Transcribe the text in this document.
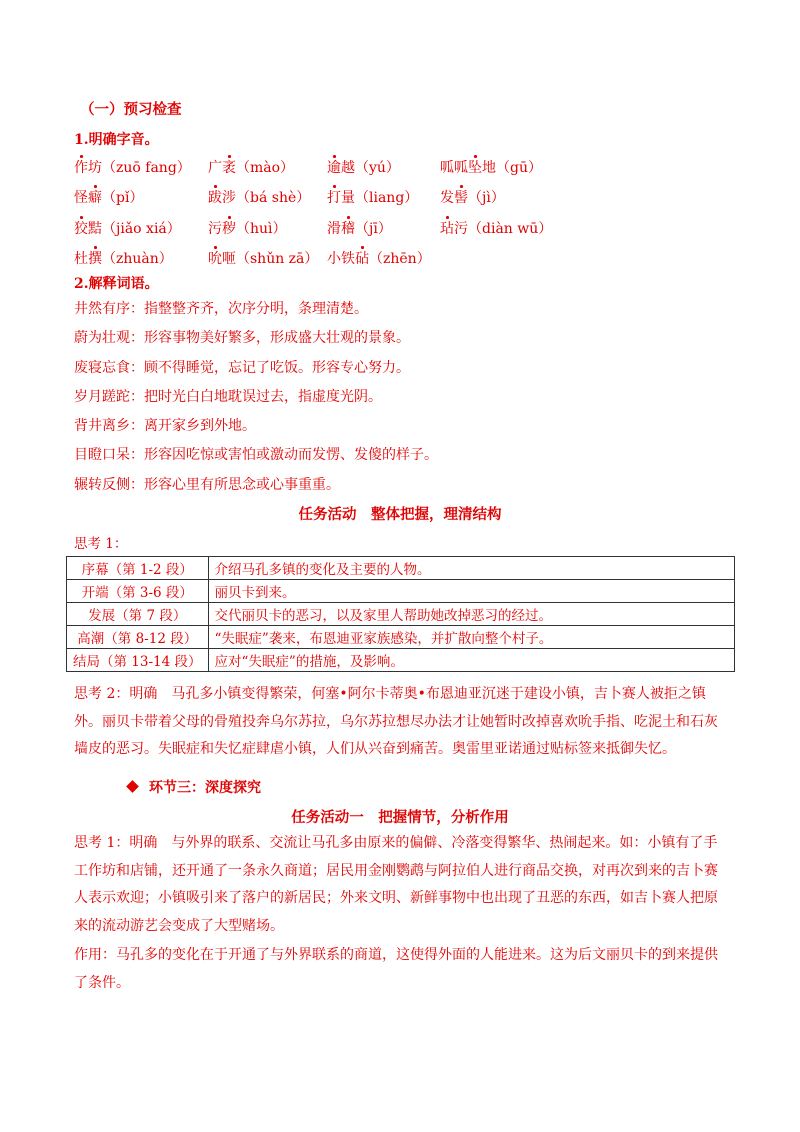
（一）预习检查
1.明确字音。
作坊（zuō fang） 广袤（mào） 逾越（yú）	呱呱坠地（gū）
怪癖（pǐ）	跋涉（bá shè） 打量（liang） 发髻（jì）
狡黠（jiǎo xiá） 污秽（huì）	滑稽（jī）	玷污（diàn wū）
杜撰（zhuàn）	吮咂（shǔn zā） 小铁砧（zhēn）
2.解释词语。
井然有序：指整整齐齐，次序分明，条理清楚。
蔚为壮观：形容事物美好繁多，形成盛大壮观的景象。
废寝忘食：顾不得睡觉，忘记了吃饭。形容专心努力。
岁月蹉跎：把时光白白地耽误过去，指虚度光阴。
背井离乡：离开家乡到外地。
目瞪口呆：形容因吃惊或害怕或激动而发愣、发傻的样子。
辗转反侧：形容心里有所思念或心事重重。
任务活动　整体把握，理清结构
思考 1：
序幕（第 1-2 段）	介绍马孔多镇的变化及主要的人物。
开端（第 3-6 段）	丽贝卡到来。
发展（第 7 段）	交代丽贝卡的恶习，以及家里人帮助她改掉恶习的经过。
高潮（第 8-12 段）	“失眠症”袭来，布恩迪亚家族感染，并扩散向整个村子。
结局（第 13-14 段）	应对“失眠症”的措施，及影响。
思考 2：明确　马孔多小镇变得繁荣，何塞•阿尔卡蒂奥•布恩迪亚沉迷于建设小镇，吉卜赛人被拒之镇
外。丽贝卡带着父母的骨殖投奔乌尔苏拉，乌尔苏拉想尽办法才让她暂时改掉喜欢吮手指、吃泥土和石灰
墙皮的恶习。失眠症和失忆症肆虐小镇，人们从兴奋到痛苦。奥雷里亚诺通过贴标签来抵御失忆。
环节三：深度探究
任务活动一　把握情节，分析作用
思考 1：明确　与外界的联系、交流让马孔多由原来的偏僻、冷落变得繁华、热闹起来。如：小镇有了手
工作坊和店铺，还开通了一条永久商道；居民用金刚鹦鹉与阿拉伯人进行商品交换，对再次到来的吉卜赛
人表示欢迎；小镇吸引来了落户的新居民；外来文明、新鲜事物中也出现了丑恶的东西，如吉卜赛人把原
来的流动游艺会变成了大型赌场。
作用：马孔多的变化在于开通了与外界联系的商道，这使得外面的人能进来。这为后文丽贝卡的到来提供
了条件。
